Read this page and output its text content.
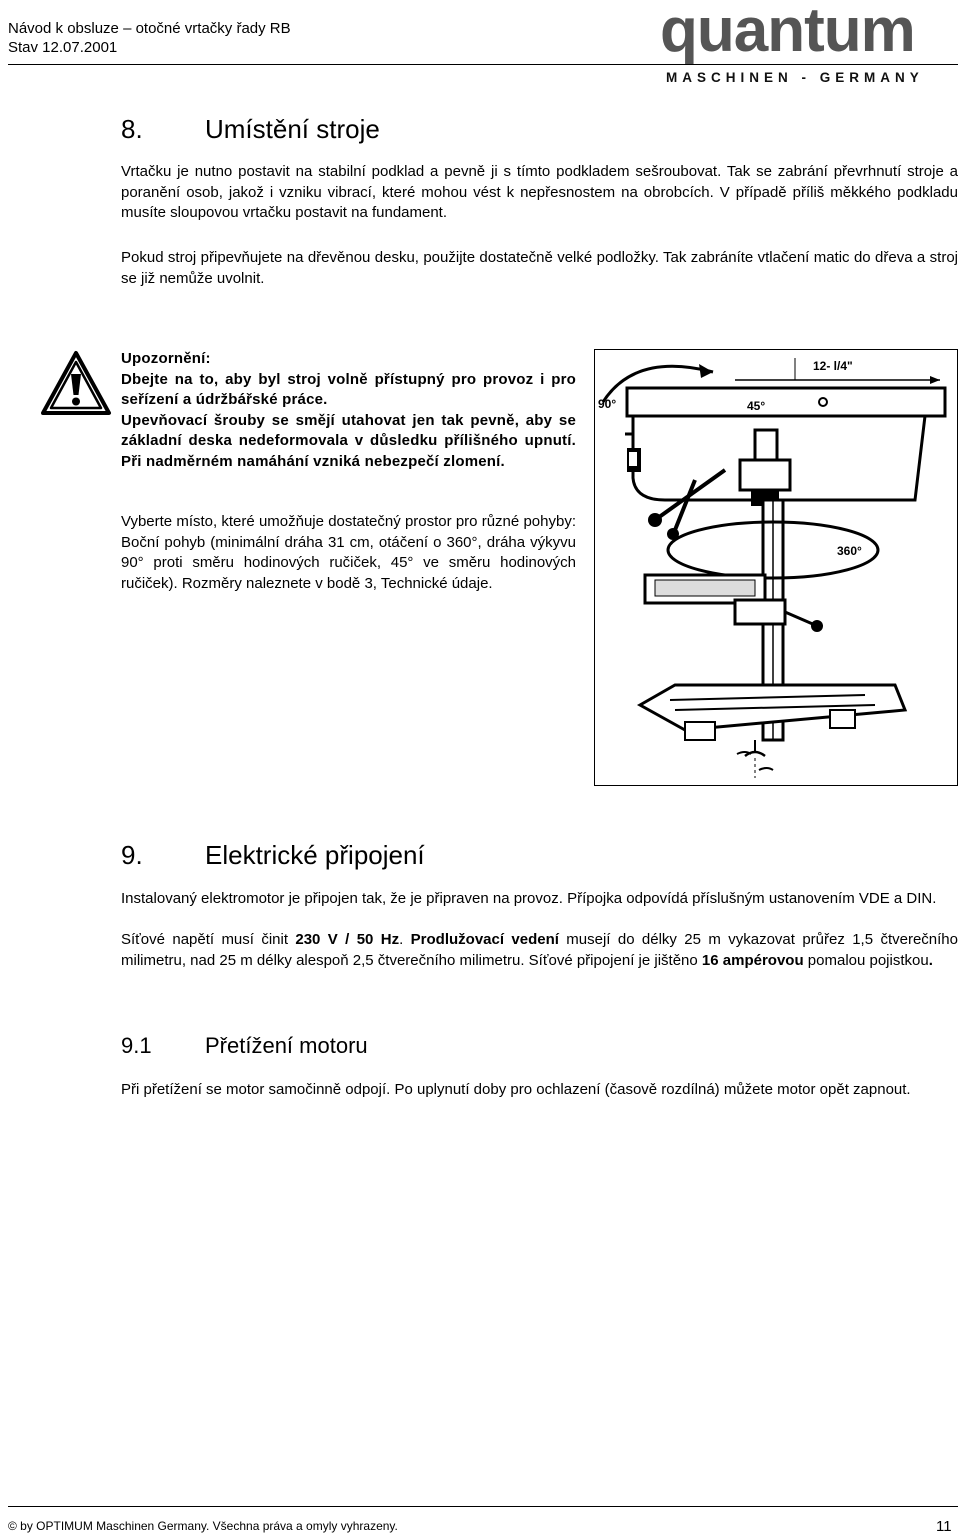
Návod k obsluze – otočné vrtačky řady RB
Stav 12.07.2001	quantum
MASCHINEN - GERMANY
8. Umístění stroje
Vrtačku je nutno postavit na stabilní podklad a pevně ji s tímto podkladem sešroubovat. Tak se zabrání převrhnutí stroje a poranění osob, jakož i vzniku vibrací, které mohou vést k nepřesnostem na obrobcích. V případě příliš měkkého podkladu musíte sloupovou vrtačku postavit na fundament.
Pokud stroj připevňujete na dřevěnou desku, použijte dostatečně velké podložky. Tak zabráníte vtlačení matic do dřeva a stroj se již nemůže uvolnit.

Upozornění:

Dbejte na to, aby byl stroj volně přístupný pro provoz i pro seřízení a údržbářské práce.

Upevňovací šrouby se smějí utahovat jen tak pevně, aby se základní deska nedeformovala v důsledku přílišného upnutí. Při nadměrném namáhání vzniká nebezpečí zlomení.

Vyberte místo, které umožňuje dostatečný prostor pro různé pohyby: Boční pohyb (minimální dráha 31 cm, otáčení o 360°, dráha výkyvu 90° proti směru hodinových ručiček, 45° ve směru hodinových ručiček). Rozměry naleznete v bodě 3, Technické údaje.
12- l/4"
90°	45°
360°
9. Elektrické připojení
Instalovaný elektromotor je připojen tak, že je připraven na provoz. Přípojka odpovídá příslušným ustanovením VDE a DIN.
Síťové napětí musí činit 230 V / 50 Hz. Prodlužovací vedení musejí do délky 25 m vykazovat průřez 1,5 čtverečního milimetru, nad 25 m délky alespoň 2,5 čtverečního milimetru. Síťové připojení je jištěno 16 ampérovou pomalou pojistkou.
9.1 Přetížení motoru
Při přetížení se motor samočinně odpojí. Po uplynutí doby pro ochlazení (časově rozdílná) můžete motor opět zapnout.
© by OPTIMUM Maschinen Germany. Všechna práva a omyly vyhrazeny.	11
